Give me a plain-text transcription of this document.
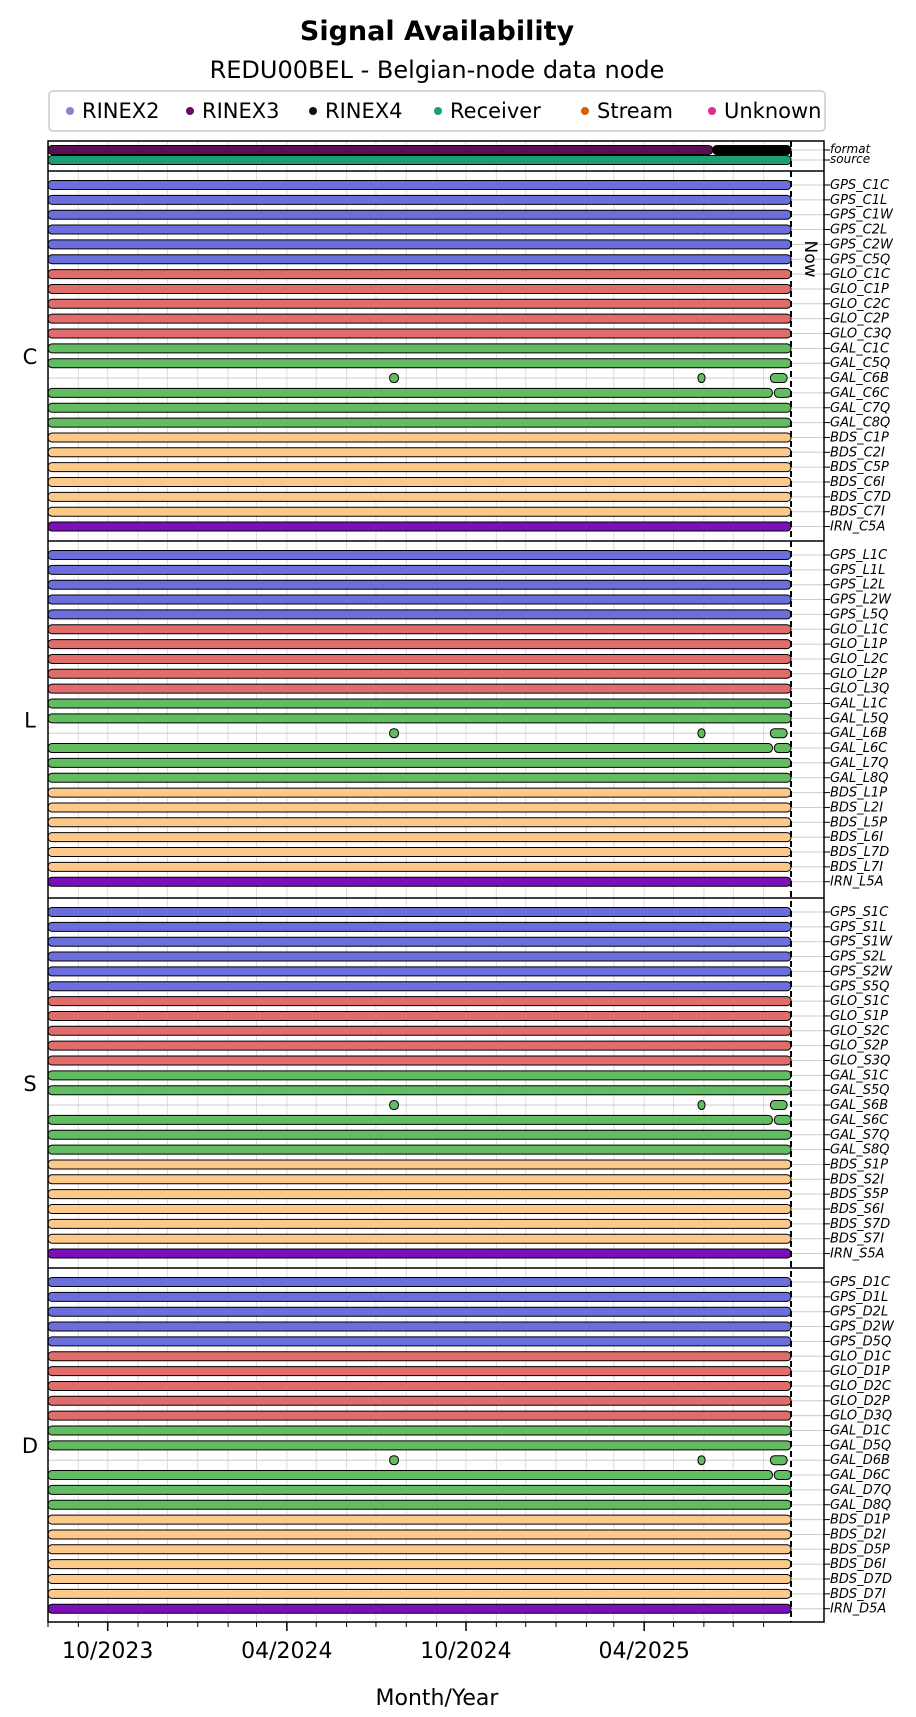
Signal Availability
REDU00BEL - Belgian-node data node
RINEX2 RINEX3 RINEX4 Receiver	Stream Unknown
format
source
GPS_C1C
GPS_C1L
GPS_C1W
GPS_C2L
GPS_C2W
GPS_C5Q
GLO_C1C
GLO_C1P
GLO_C2C
GLO_C2P
GLO_C3Q
GAL_C1C
GAL_C5Q
GAL_C6B
GAL_C6C
GAL_C7Q
GAL_C8Q
BDS_C1P
BDS_C2I
BDS_C5P
BDS_C6I
BDS_C7D
BDS_C7I
IRN_C5A
GPS_L1C
GPS_L1L
GPS_L2L
GPS_L2W
GPS_L5Q
GLO_L1C
GLO_L1P
GLO_L2C
GLO_L2P
GLO_L3Q
GAL_L1C
GAL_L5Q
GAL_L6B
GAL_L6C
GAL_L7Q
GAL_L8Q
BDS_L1P
BDS_L2I
BDS_L5P
BDS_L6I
BDS_L7D
BDS_L7I
IRN_L5A
GPS_S1C
GPS_S1L
GPS_S1W
GPS_S2L
GPS_S2W
GPS_S5Q
GLO_S1C
GLO_S1P
GLO_S2C
GLO_S2P
GLO_S3Q
GAL_S1C
GAL_S5Q
GAL_S6B
GAL_S6C
GAL_S7Q
GAL_S8Q
BDS_S1P
BDS_S2I
BDS_S5P
BDS_S6I
BDS_S7D
BDS_S7I
IRN_S5A
GPS_D1C
GPS_D1L
GPS_D2L
GPS_D2W
GPS_D5Q
GLO_D1C
GLO_D1P
GLO_D2C
GLO_D2P
GLO_D3Q
GAL_D1C
GAL_D5Q
GAL_D6B
GAL_D6C
GAL_D7Q
GAL_D8Q
BDS_D1P
BDS_D2I
BDS_D5P
BDS_D6I
BDS_D7D
BDS_D7I
IRN_D5A
C
L
S
D
Now
10/2023	04/2024	10/2024	04/2025
Month/Year
